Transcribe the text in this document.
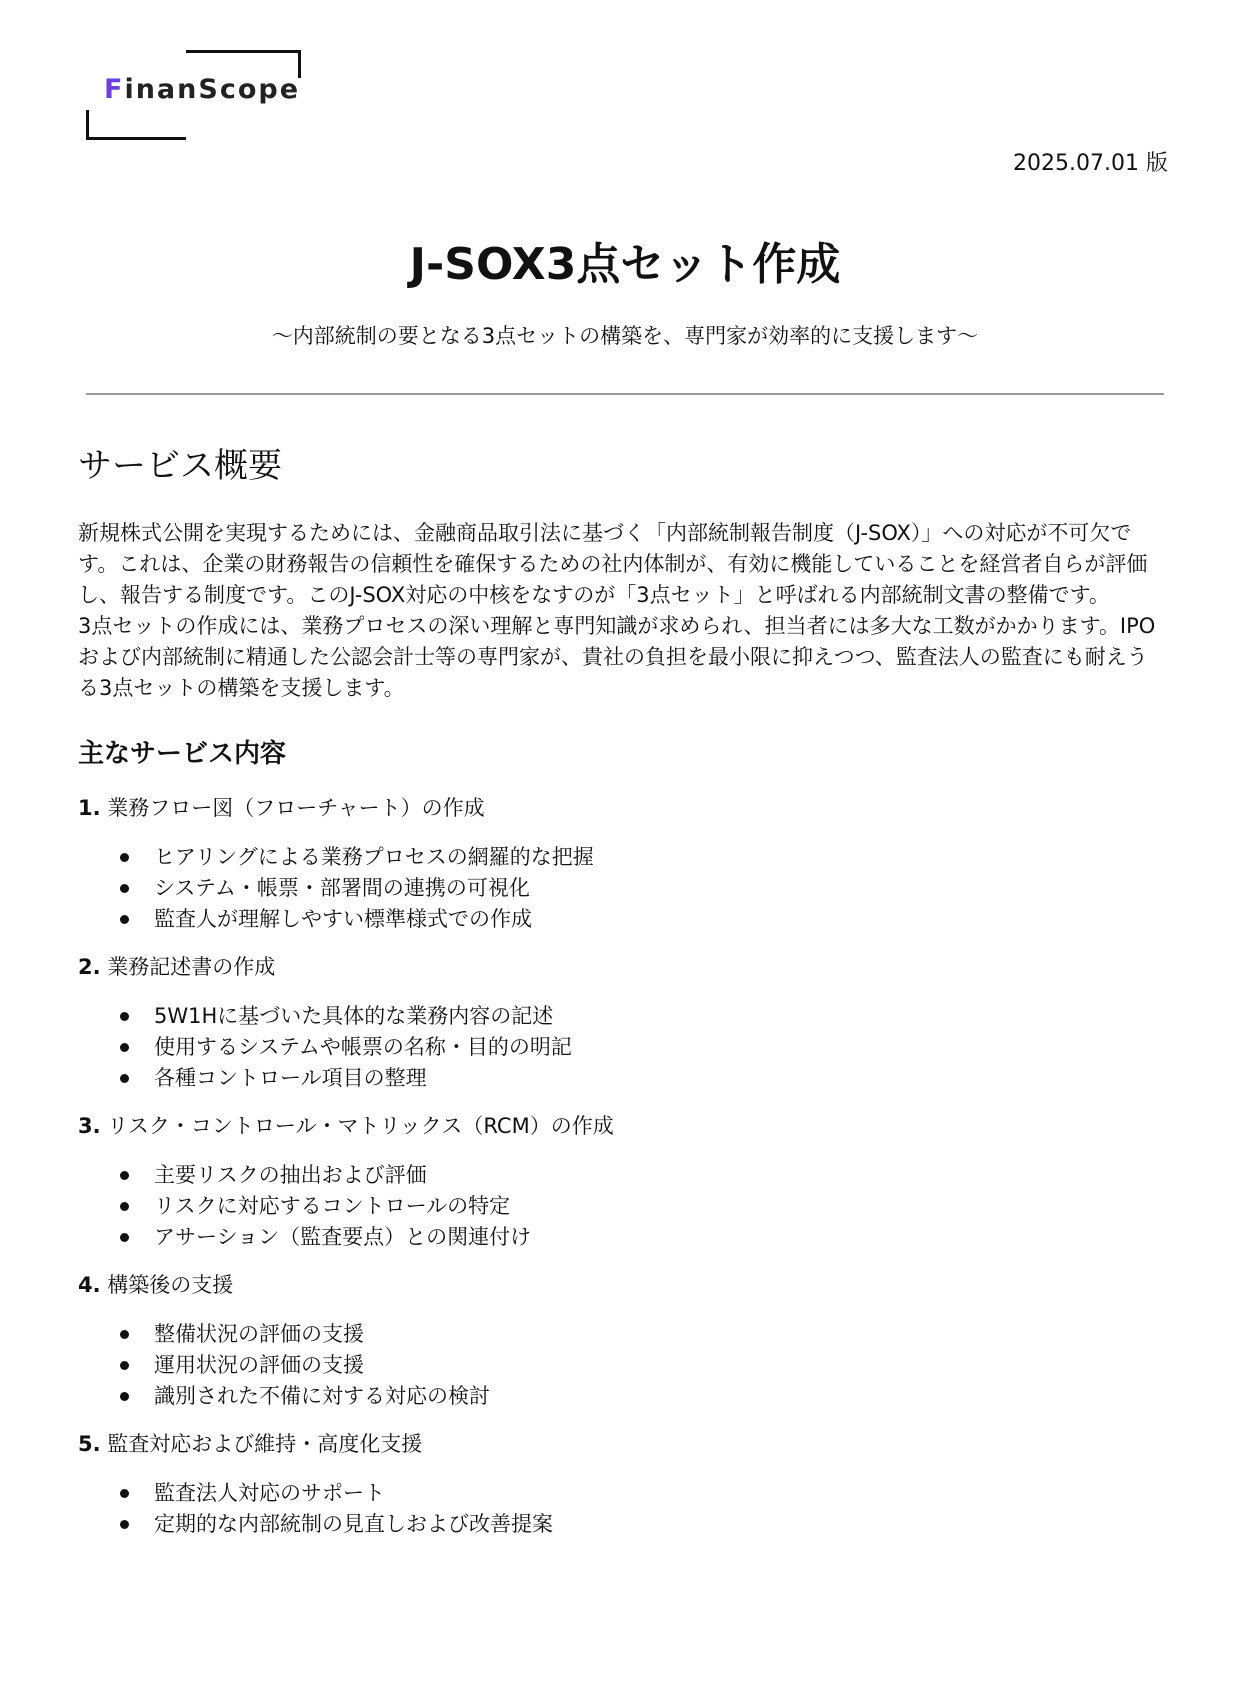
FinanScope
2025.07.01 版
J-SOX3点セット作成
〜内部統制の要となる3点セットの構築を、専門家が効率的に支援します〜
サービス概要

新規株式公開を実現するためには、金融商品取引法に基づく「内部統制報告制度（J-SOX）」への対応が不可欠です。これは、企業の財務報告の信頼性を確保するための社内体制が、有効に機能していることを経営者自らが評価し、報告する制度です。このJ-SOX対応の中核をなすのが「3点セット」と呼ばれる内部統制文書の整備です。

3点セットの作成には、業務プロセスの深い理解と専門知識が求められ、担当者には多大な工数がかかります。IPOおよび内部統制に精通した公認会計士等の専門家が、貴社の負担を最小限に抑えつつ、監査法人の監査にも耐えうる3点セットの構築を支援します。

主なサービス内容

1. 業務フロー図（フローチャート）の作成

ヒアリングによる業務プロセスの網羅的な把握
システム・帳票・部署間の連携の可視化
監査人が理解しやすい標準様式での作成

2. 業務記述書の作成

5W1Hに基づいた具体的な業務内容の記述
使用するシステムや帳票の名称・目的の明記
各種コントロール項目の整理

3. リスク・コントロール・マトリックス（RCM）の作成

主要リスクの抽出および評価
リスクに対応するコントロールの特定
アサーション（監査要点）との関連付け

4. 構築後の支援

整備状況の評価の支援
運用状況の評価の支援
識別された不備に対する対応の検討

5. 監査対応および維持・高度化支援

監査法人対応のサポート
定期的な内部統制の見直しおよび改善提案
